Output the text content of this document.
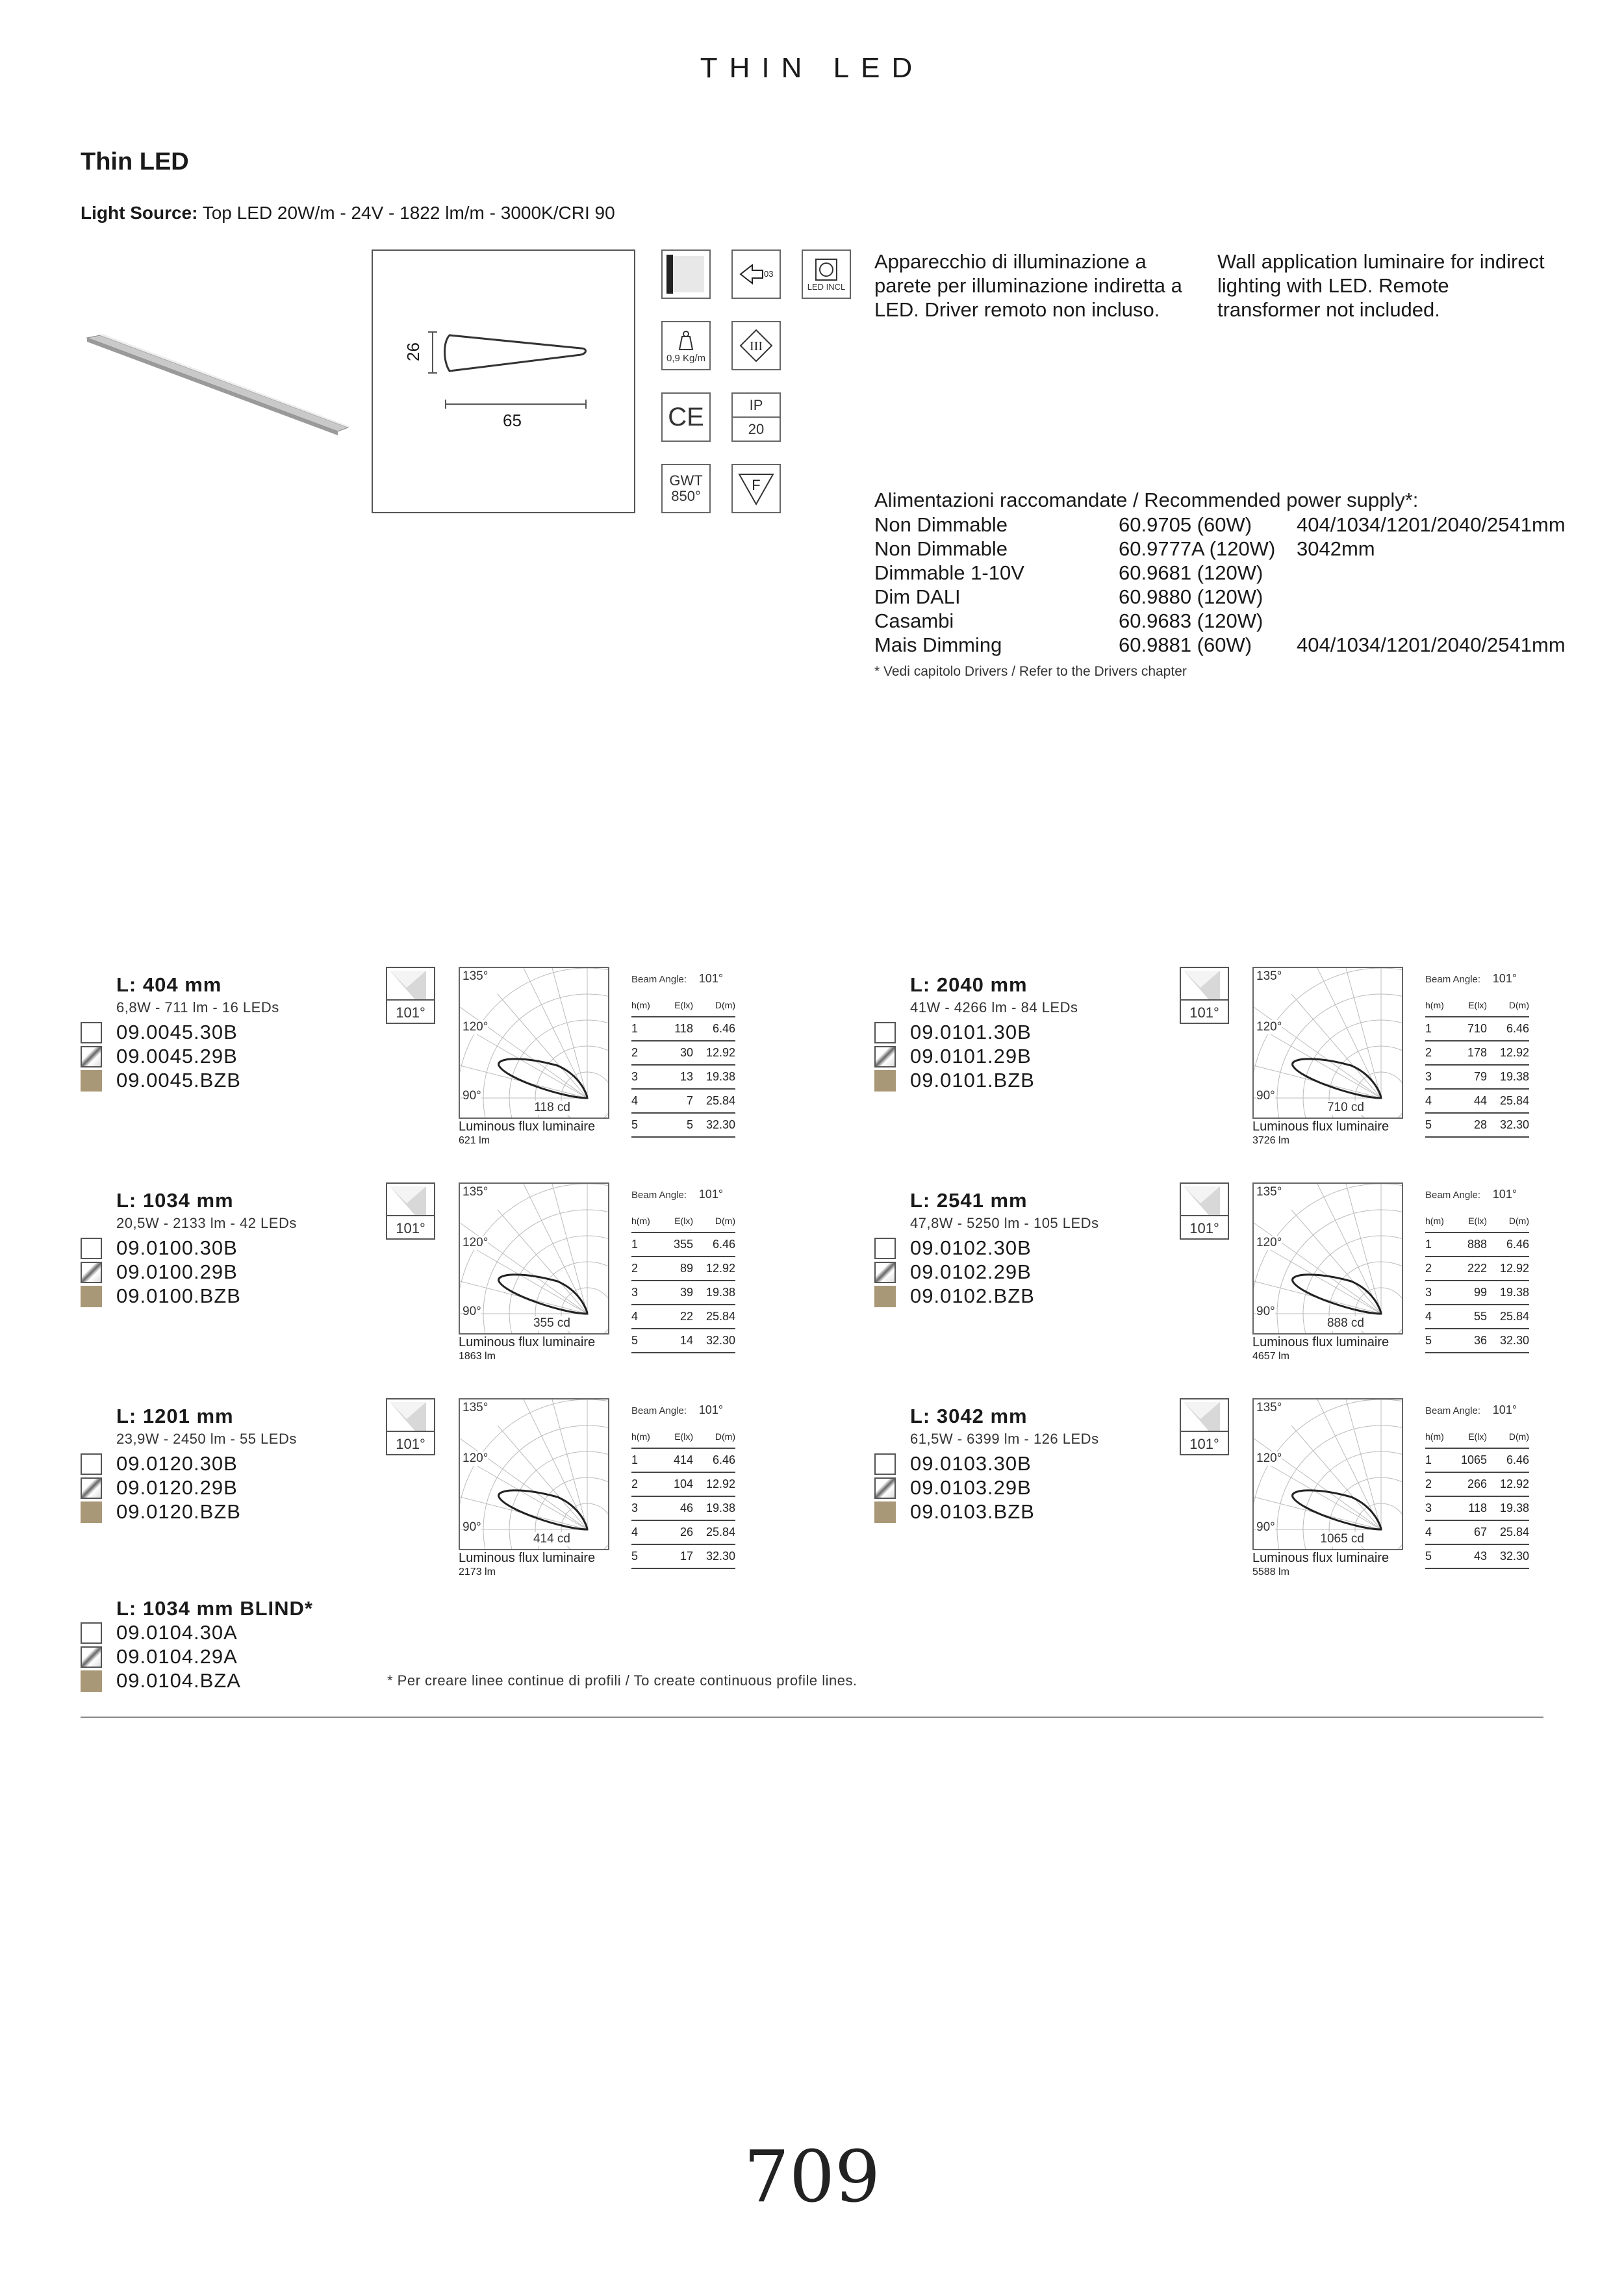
THIN LED
Thin LED
Light Source: Top LED 20W/m - 24V - 1822 lm/m - 3000K/CRI 90
26
65
03
LED INCL
0,9 Kg/m
III
CE	IP
20
GWT
850°
F
Apparecchio di illuminazione a parete per illuminazione indiretta a LED. Driver remoto non incluso.
Wall application luminaire for indirect lighting with LED. Remote transformer not included.
Alimentazioni raccomandate / Recommended power supply*:
Non Dimmable	60.9705 (60W)	404/1034/1201/2040/2541mm
Non Dimmable	60.9777A (120W)	3042mm
Dimmable 1-10V	60.9681 (120W)	
Dim DALI	60.9880 (120W)	
Casambi	60.9683 (120W)	
Mais Dimming	60.9881 (60W)	404/1034/1201/2040/2541mm
* Vedi capitolo Drivers / Refer to the Drivers chapter
L: 404 mm
6,8W - 711 lm - 16 LEDs
09.0045.30B
09.0045.29B
09.0045.BZB
101°
135°
120°
90°
118 cd
Luminous flux luminaire
621 lm
Beam Angle: 101°
h(m)	E(lx)	D(m)
1	118	6.46
2	30	12.92
3	13	19.38
4	7	25.84
5	5	32.30
L: 2040 mm
41W - 4266 lm - 84 LEDs
09.0101.30B
09.0101.29B
09.0101.BZB
101°
135°
120°
90°
710 cd
Luminous flux luminaire
3726 lm
Beam Angle: 101°
h(m)	E(lx)	D(m)
1	710	6.46
2	178	12.92
3	79	19.38
4	44	25.84
5	28	32.30
L: 1034 mm
20,5W - 2133 lm - 42 LEDs
09.0100.30B
09.0100.29B
09.0100.BZB
101°
135°
120°
90°
355 cd
Luminous flux luminaire
1863 lm
Beam Angle: 101°
h(m)	E(lx)	D(m)
1	355	6.46
2	89	12.92
3	39	19.38
4	22	25.84
5	14	32.30
L: 2541 mm
47,8W - 5250 lm - 105 LEDs
09.0102.30B
09.0102.29B
09.0102.BZB
101°
135°
120°
90°
888 cd
Luminous flux luminaire
4657 lm
Beam Angle: 101°
h(m)	E(lx)	D(m)
1	888	6.46
2	222	12.92
3	99	19.38
4	55	25.84
5	36	32.30
L: 1201 mm
23,9W - 2450 lm - 55 LEDs
09.0120.30B
09.0120.29B
09.0120.BZB
101°
135°
120°
90°
414 cd
Luminous flux luminaire
2173 lm
Beam Angle: 101°
h(m)	E(lx)	D(m)
1	414	6.46
2	104	12.92
3	46	19.38
4	26	25.84
5	17	32.30
L: 3042 mm
61,5W - 6399 lm - 126 LEDs
09.0103.30B
09.0103.29B
09.0103.BZB
101°
135°
120°
90°
1065 cd
Luminous flux luminaire
5588 lm
Beam Angle: 101°
h(m)	E(lx)	D(m)
1	1065	6.46
2	266	12.92
3	118	19.38
4	67	25.84
5	43	32.30
L: 1034 mm BLIND*
09.0104.30A
09.0104.29A
09.0104.BZA	* Per creare linee continue di profili / To create continuous profile lines.
709
